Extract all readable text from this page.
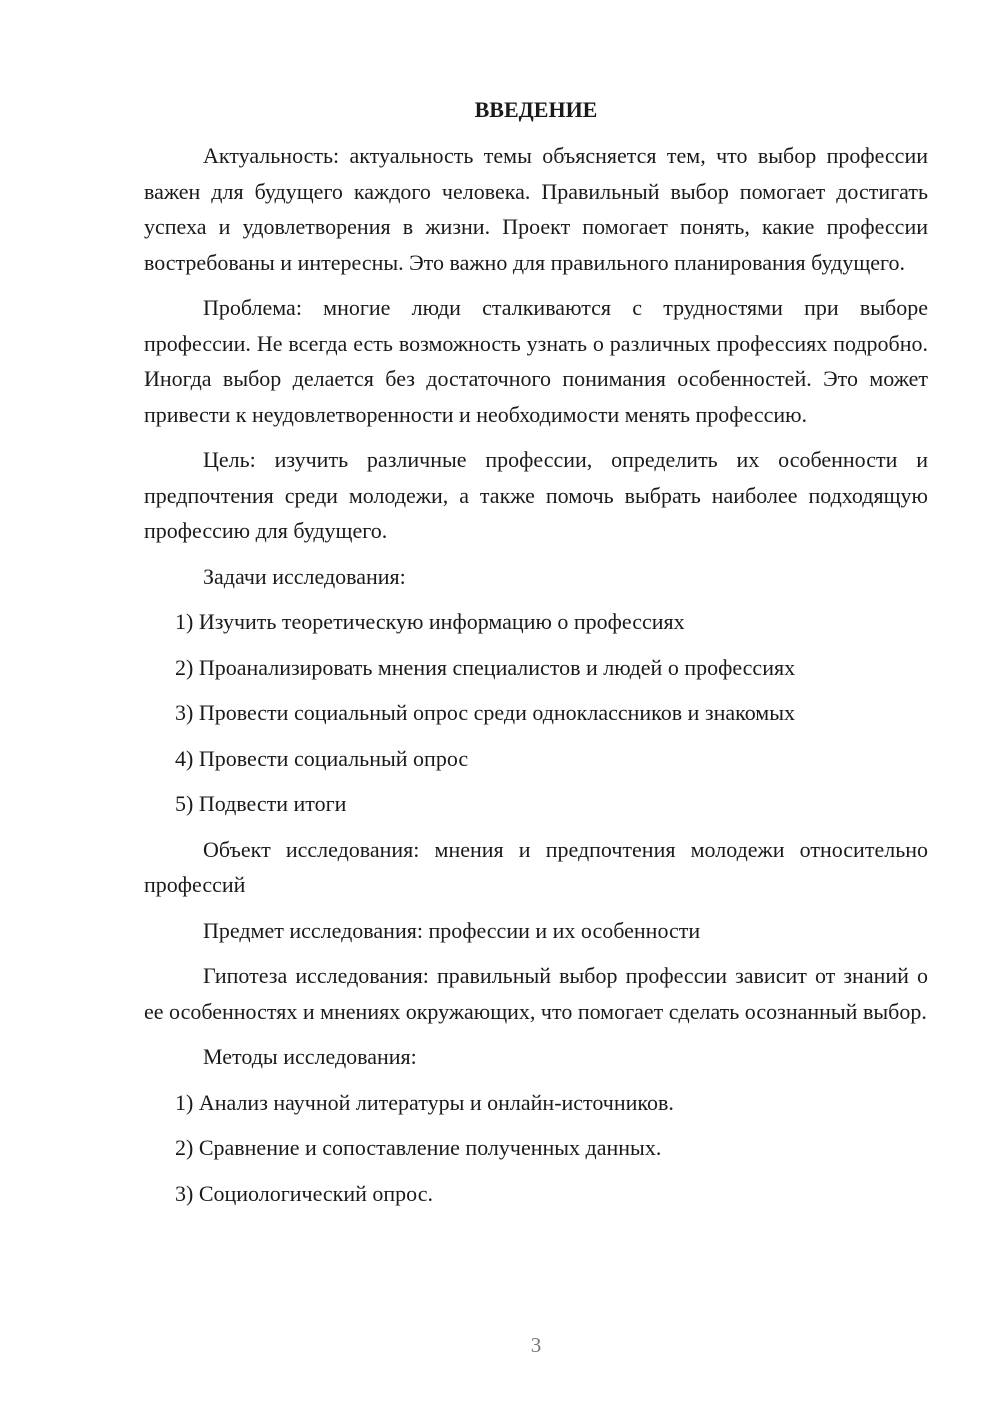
ВВЕДЕНИЕ

Актуальность: актуальность темы объясняется тем, что выбор профессии важен для будущего каждого человека. Правильный выбор помогает достигать успеха и удовлетворения в жизни. Проект помогает понять, какие профессии востребованы и интересны. Это важно для правильного планирования будущего.

Проблема: многие люди сталкиваются с трудностями при выборе профессии. Не всегда есть возможность узнать о различных профессиях подробно. Иногда выбор делается без достаточного понимания особенностей. Это может привести к неудовлетворенности и необходимости менять профессию.

Цель: изучить различные профессии, определить их особенности и предпочтения среди молодежи, а также помочь выбрать наиболее подходящую профессию для будущего.

Задачи исследования:

1) Изучить теоретическую информацию о профессиях

2) Проанализировать мнения специалистов и людей о профессиях

3) Провести социальный опрос среди одноклассников и знакомых

4) Провести социальный опрос

5) Подвести итоги

Объект исследования: мнения и предпочтения молодежи относительно профессий

Предмет исследования: профессии и их особенности

Гипотеза исследования: правильный выбор профессии зависит от знаний о ее особенностях и мнениях окружающих, что помогает сделать осознанный выбор.

Методы исследования:

1) Анализ научной литературы и онлайн-источников.

2) Сравнение и сопоставление полученных данных.

3) Социологический опрос.

3
